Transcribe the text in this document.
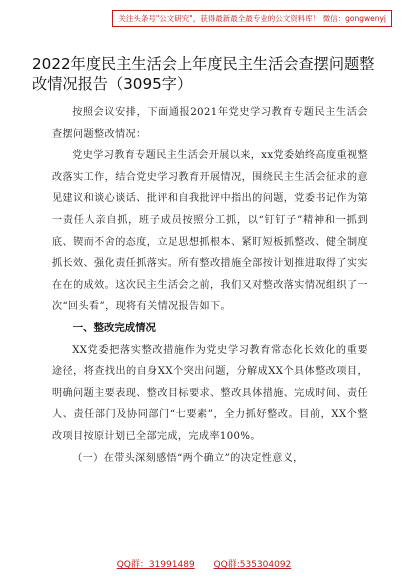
关注头条号"公文研究"，获得最新最全最专业的公文资料库！ 微信：gongwenyj
2022年度民主生活会上年度民主生活会查摆问题整改情况报告（3095字）

按照会议安排，下面通报2021年党史学习教育专题民主生活会查摆问题整改情况：

党史学习教育专题民主生活会开展以来，xx党委始终高度重视整改落实工作，结合党史学习教育开展情况，围绕民主生活会征求的意见建议和谈心谈话、批评和自我批评中指出的问题，党委书记作为第一责任人亲自抓，班子成员按照分工抓，以“钉钉子”精神和一抓到底、锲而不舍的态度，立足思想抓根本、紧盯短板抓整改、健全制度抓长效、强化责任抓落实。所有整改措施全部按计划推进取得了实实在在的成效。这次民主生活会之前，我们又对整改落实情况组织了一次“回头看”，现将有关情况报告如下。

一、整改完成情况

XX党委把落实整改措施作为党史学习教育常态化长效化的重要途径，将查找出的自身XX个突出问题，分解成XX个具体整改项目，明确问题主要表现、整改目标要求、整改具体措施、完成时间、责任人、责任部门及协同部门“七要素”，全力抓好整改。目前，XX个整改项目按原计划已全部完成，完成率100%。

（一）在带头深刻感悟“两个确立”的决定性意义，

QQ群：31991489 QQ群:535304092
